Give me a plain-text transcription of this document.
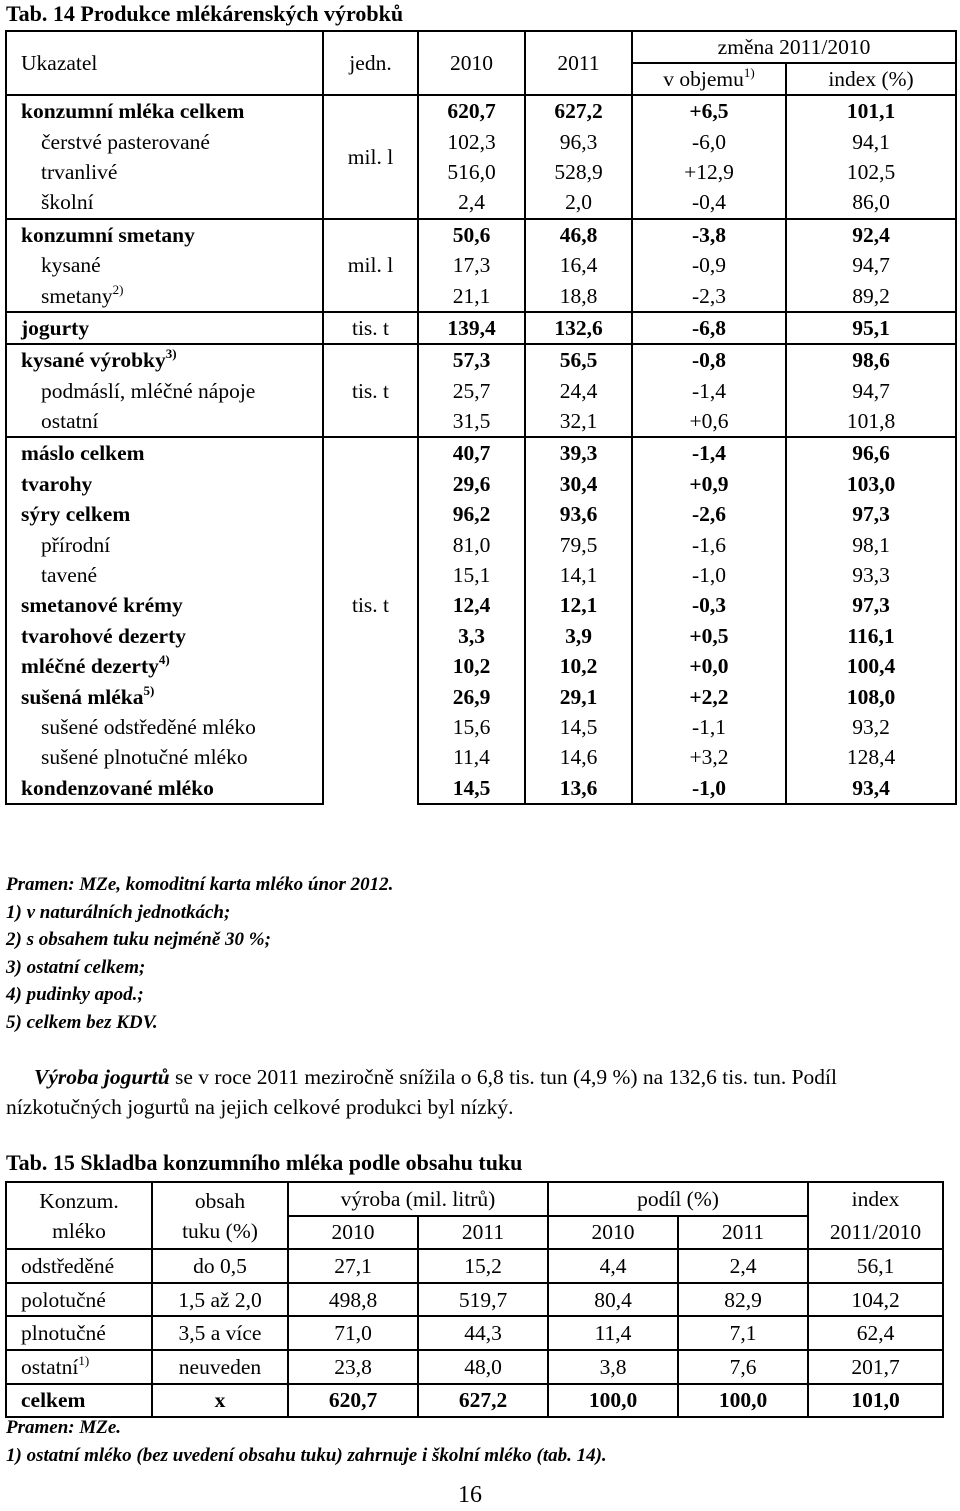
Tab. 14 Produkce mlékárenských výrobků
Ukazatel	jedn.	2010	2011	změna 2011/2010	
				v objemu$^{1)}$	index (%)
konzumní mléka celkem		620,7	627,2	+6,5	101,1
čerstvé pasterované	mil. l	102,3	96,3	-6,0	94,1
trvanlivé		516,0	528,9	+12,9	102,5
školní		2,4	2,0	-0,4	86,0
konzumní smetany		50,6	46,8	-3,8	92,4
kysané	mil. l	17,3	16,4	-0,9	94,7
smetany$^{2)}$		21,1	18,8	-2,3	89,2
jogurty	tis. t	139,4	132,6	-6,8	95,1
kysané výrobky$^{3)}$		57,3	56,5	-0,8	98,6
podmáslí, mléčné nápoje	tis. t	25,7	24,4	-1,4	94,7
ostatní		31,5	32,1	+0,6	101,8
máslo celkem	tis. t	40,7	39,3	-1,4	96,6
tvarohy		29,6	30,4	+0,9	103,0
sýry celkem		96,2	93,6	-2,6	97,3
přírodní		81,0	79,5	-1,6	98,1
tavené		15,1	14,1	-1,0	93,3
smetanové krémy		12,4	12,1	-0,3	97,3
tvarohové dezerty		3,3	3,9	+0,5	116,1
mléčné dezerty$^{4)}$		10,2	10,2	+0,0	100,4
sušená mléka$^{5)}$		26,9	29,1	+2,2	108,0
sušené odstředěné mléko		15,6	14,5	-1,1	93,2
sušené plnotučné mléko		11,4	14,6	+3,2	128,4
kondenzované mléko		14,5	13,6	-1,0	93,4
Pramen: MZe, komoditní karta mléko únor 2012.
1) v naturálních jednotkách;
2) s obsahem tuku nejméně 30 %;
3) ostatní celkem;
4) pudinky apod.;
5) celkem bez KDV.

Výroba jogurtů se v roce 2011 meziročně snížila o 6,8 tis. tun (4,9 %) na 132,6 tis. tun. Podíl nízkotučných jogurtů na jejich celkové produkci byl nízký.

Tab. 15 Skladba konzumního mléka podle obsahu tuku
Konzum.
mléko	obsah
tuku (%)	výroba (mil. litrů)		podíl (%)		index
		2010	2011	2010	2011	2011/2010
odstředěné	do 0,5	27,1	15,2	4,4	2,4	56,1
polotučné	1,5 až 2,0	498,8	519,7	80,4	82,9	104,2
plnotučné	3,5 a více	71,0	44,3	11,4	7,1	62,4
ostatní$^{1)}$	neuveden	23,8	48,0	3,8	7,6	201,7
celkem	x	620,7	627,2	100,0	100,0	101,0
Pramen: MZe.
1) ostatní mléko (bez uvedení obsahu tuku) zahrnuje i školní mléko (tab. 14).
16
